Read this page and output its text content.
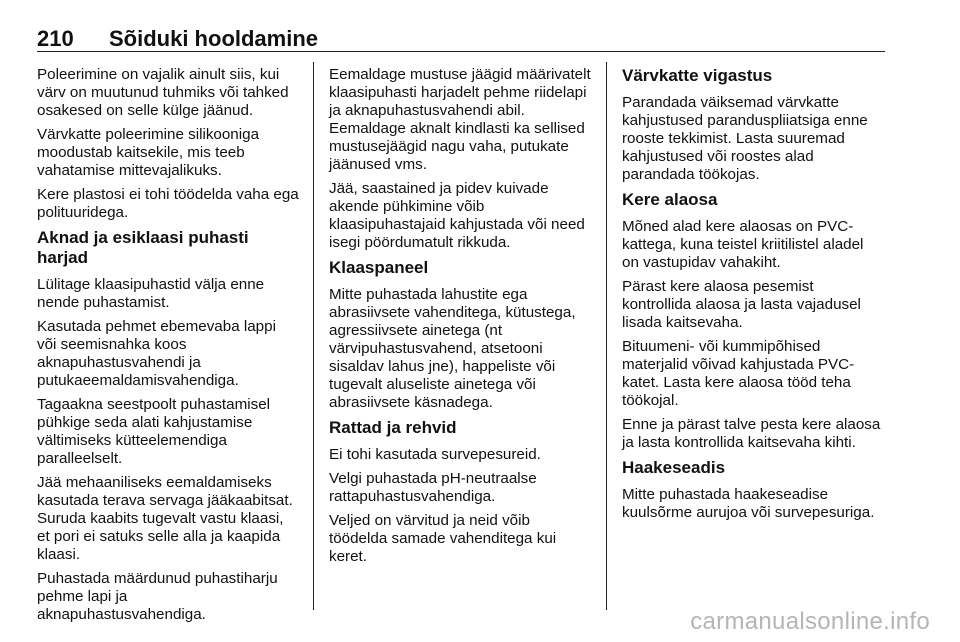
210 Sõiduki hooldamine

Poleerimine on vajalik ainult siis, kui värv on muutunud tuhmiks või tahked osakesed on selle külge jäänud.

Värvkatte poleerimine silikooniga moodustab kaitsekile, mis teeb vahatamise mittevajalikuks.

Kere plastosi ei tohi töödelda vaha ega polituuridega.

Aknad ja esiklaasi puhasti harjad

Lülitage klaasipuhastid välja enne nende puhastamist.

Kasutada pehmet ebemevaba lappi või seemisnahka koos aknapuhastusvahendi ja putukaeemaldamisvahendiga.

Tagaakna seestpoolt puhastamisel pühkige seda alati kahjustamise vältimiseks kütteelemendiga paralleelselt.

Jää mehaaniliseks eemaldamiseks kasutada terava servaga jääkaabitsat. Suruda kaabits tugevalt vastu klaasi, et pori ei satuks selle alla ja kaapida klaasi.

Puhastada määrdunud puhastiharju pehme lapi ja aknapuhastusvahendiga.

Eemaldage mustuse jäägid määrivatelt klaasipuhasti harjadelt pehme riidelapi ja aknapuhastusvahendi abil. Eemaldage aknalt kindlasti ka sellised mustusejäägid nagu vaha, putukate jäänused vms.

Jää, saastained ja pidev kuivade akende pühkimine võib klaasipuhastajaid kahjustada või need isegi pöördumatult rikkuda.

Klaaspaneel

Mitte puhastada lahustite ega abrasiivsete vahenditega, kütustega, agressiivsete ainetega (nt värvipuhastusvahend, atsetooni sisaldav lahus jne), happeliste või tugevalt aluseliste ainetega või abrasiivsete käsnadega.

Rattad ja rehvid

Ei tohi kasutada survepesureid.

Velgi puhastada pH-neutraalse rattapuhastusvahendiga.

Veljed on värvitud ja neid võib töödelda samade vahenditega kui keret.

Värvkatte vigastus

Parandada väiksemad värvkatte kahjustused paranduspliiatsiga enne rooste tekkimist. Lasta suuremad kahjustused või roostes alad parandada töökojas.

Kere alaosa

Mõned alad kere alaosas on PVC-kattega, kuna teistel kriitilistel aladel on vastupidav vahakiht.

Pärast kere alaosa pesemist kontrollida alaosa ja lasta vajadusel lisada kaitsevaha.

Bituumeni- või kummipõhised materjalid võivad kahjustada PVC-katet. Lasta kere alaosa tööd teha töökojal.

Enne ja pärast talve pesta kere alaosa ja lasta kontrollida kaitsevaha kihti.

Haakeseadis

Mitte puhastada haakeseadise kuulsõrme aurujoa või survepesuriga.

carmanualsonline.info
